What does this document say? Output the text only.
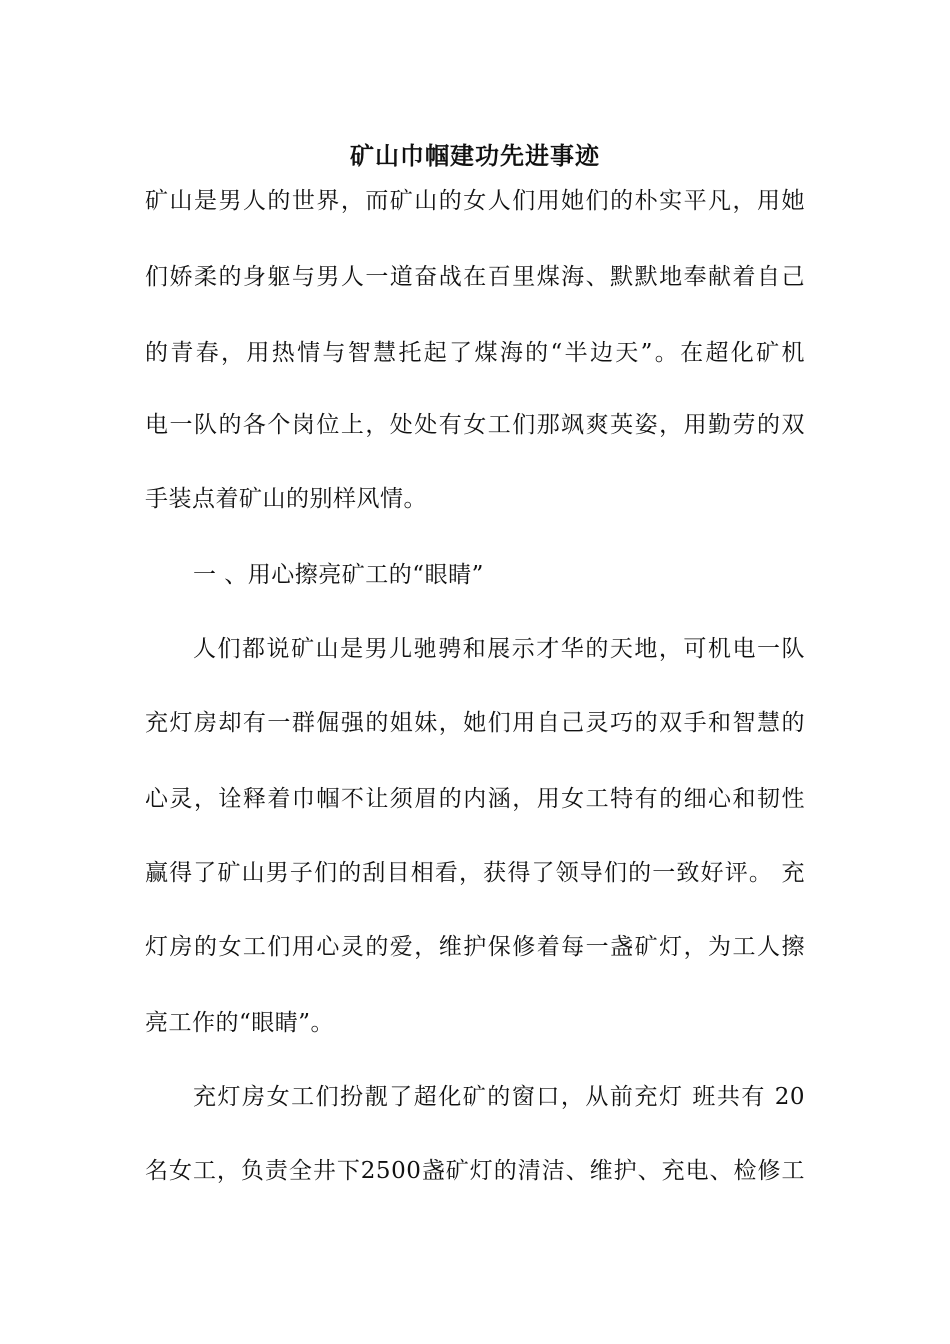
矿山巾帼建功先进事迹
矿山是男人的世界，而矿山的女人们用她们的朴实平凡，用她
们娇柔的身躯与男人一道奋战在百里煤海、默默地奉献着自己
的青春，用热情与智慧托起了煤海的“半边天”。在超化矿机
电一队的各个岗位上，处处有女工们那飒爽英姿，用勤劳的双
手装点着矿山的别样风情。
一 、用心擦亮矿工的“眼睛”
人们都说矿山是男儿驰骋和展示才华的天地，可机电一队
充灯房却有一群倔强的姐妹，她们用自己灵巧的双手和智慧的
心灵，诠释着巾帼不让须眉的内涵，用女工特有的细心和韧性
赢得了矿山男子们的刮目相看，获得了领导们的一致好评。 充
灯房的女工们用心灵的爱，维护保修着每一盏矿灯，为工人擦
亮工作的“眼睛”。
充灯房女工们扮靓了超化矿的窗口，从前充灯 班共有 20
名女工，负责全井下2500盏矿灯的清洁、维护、充电、检修工
